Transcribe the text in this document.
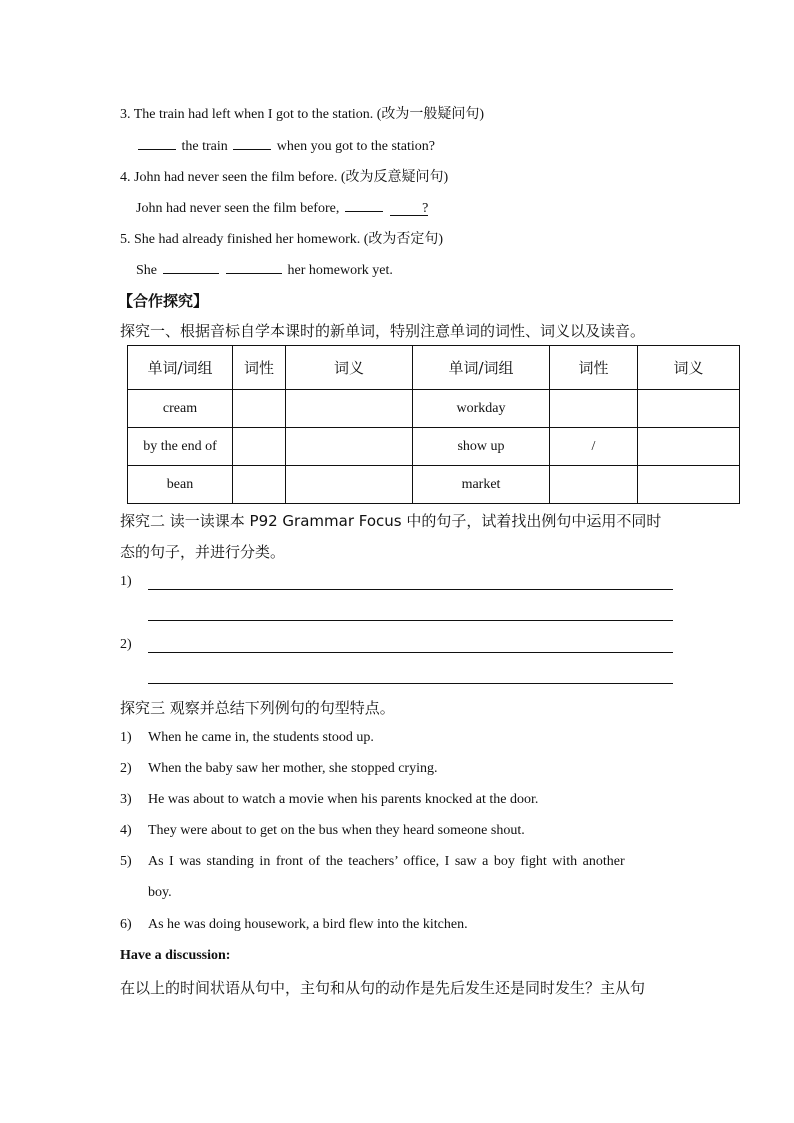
3. The train had left when I got to the station. (改为一般疑问句)
the train	when you got to the station?
4. John had never seen the film before. (改为反意疑问句)
John had never seen the film before,	?
5. She had already finished her homework. (改为否定句)
She	her homework yet.
【合作探究】
探究一、根据音标自学本课时的新单词，特别注意单词的词性、词义以及读音。
单词/词组	词性	词义	单词/词组	词性	词义
cream			workday		
by the end of			show up	/	
bean			market		
探究二 读一读课本 P92 Grammar Focus 中的句子，试着找出例句中运用不同时
态的句子，并进行分类。
1)
2)
探究三 观察并总结下列例句的句型特点。
1) When he came in, the students stood up.
2) When the baby saw her mother, she stopped crying.
3) He was about to watch a movie when his parents knocked at the door.
4) They were about to get on the bus when they heard someone shout.
5) As I was standing in front of the teachers’ office, I saw a boy fight with another
boy.
6) As he was doing housework, a bird flew into the kitchen.
Have a discussion:
在以上的时间状语从句中，主句和从句的动作是先后发生还是同时发生？主从句
